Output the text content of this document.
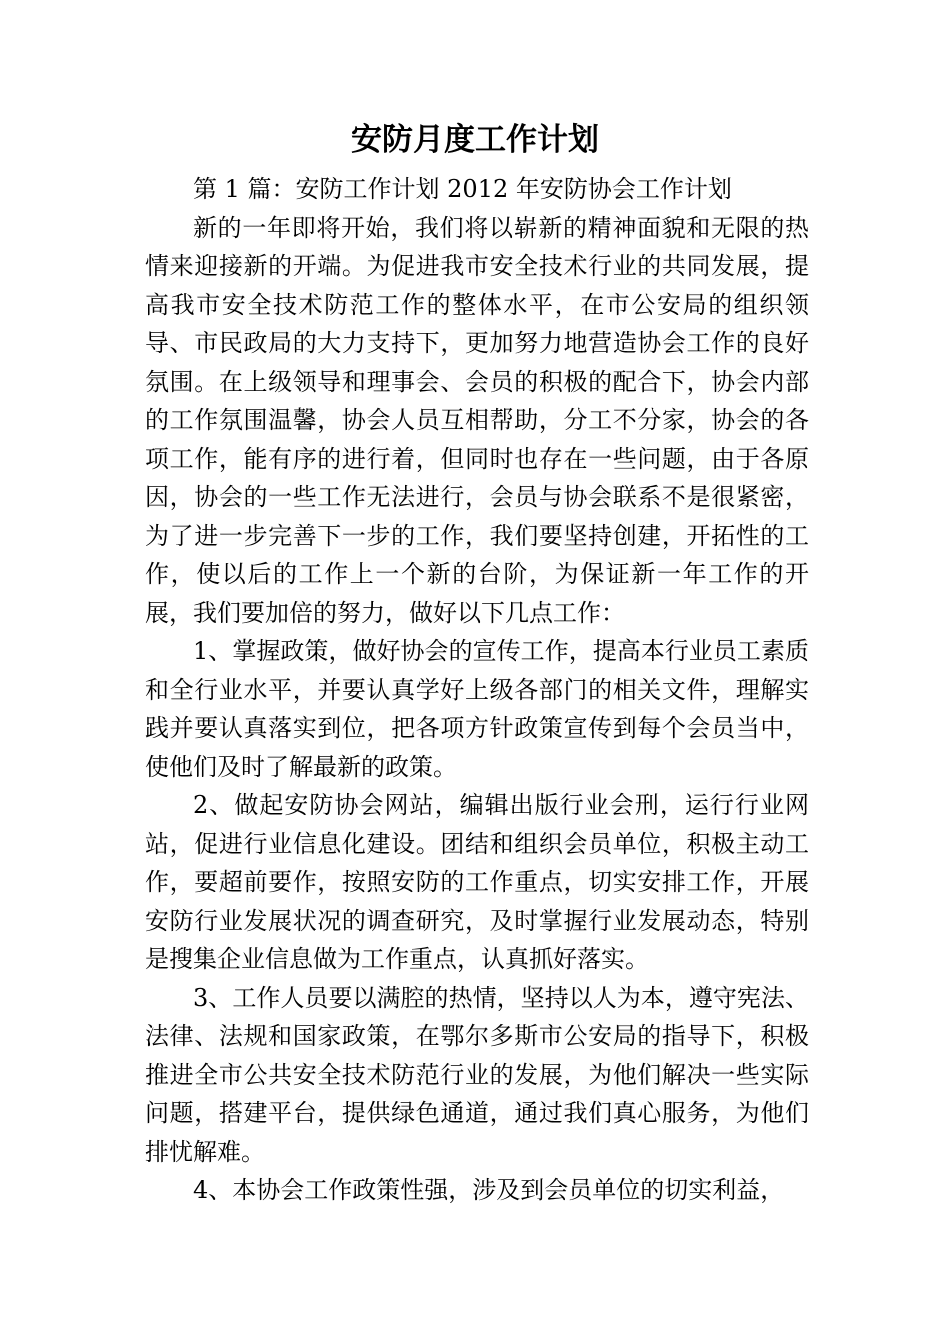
安防月度工作计划

第 1 篇：安防工作计划 2012 年安防协会工作计划

新的一年即将开始，我们将以崭新的精神面貌和无限的热情来迎接新的开端。为促进我市安全技术行业的共同发展，提高我市安全技术防范工作的整体水平，在市公安局的组织领导、市民政局的大力支持下，更加努力地营造协会工作的良好氛围。在上级领导和理事会、会员的积极的配合下，协会内部的工作氛围温馨，协会人员互相帮助，分工不分家，协会的各项工作，能有序的进行着，但同时也存在一些问题，由于各原因，协会的一些工作无法进行，会员与协会联系不是很紧密，为了进一步完善下一步的工作，我们要坚持创建，开拓性的工作，使以后的工作上一个新的台阶，为保证新一年工作的开展，我们要加倍的努力，做好以下几点工作：

1、掌握政策，做好协会的宣传工作，提高本行业员工素质和全行业水平，并要认真学好上级各部门的相关文件，理解实践并要认真落实到位，把各项方针政策宣传到每个会员当中，使他们及时了解最新的政策。

2、做起安防协会网站，编辑出版行业会刑，运行行业网站，促进行业信息化建设。团结和组织会员单位，积极主动工作，要超前要作，按照安防的工作重点，切实安排工作，开展安防行业发展状况的调查研究，及时掌握行业发展动态，特别是搜集企业信息做为工作重点，认真抓好落实。

3、工作人员要以满腔的热情，坚持以人为本，遵守宪法、法律、法规和国家政策，在鄂尔多斯市公安局的指导下，积极推进全市公共安全技术防范行业的发展，为他们解决一些实际问题，搭建平台，提供绿色通道，通过我们真心服务，为他们排忧解难。

4、本协会工作政策性强，涉及到会员单位的切实利益，
